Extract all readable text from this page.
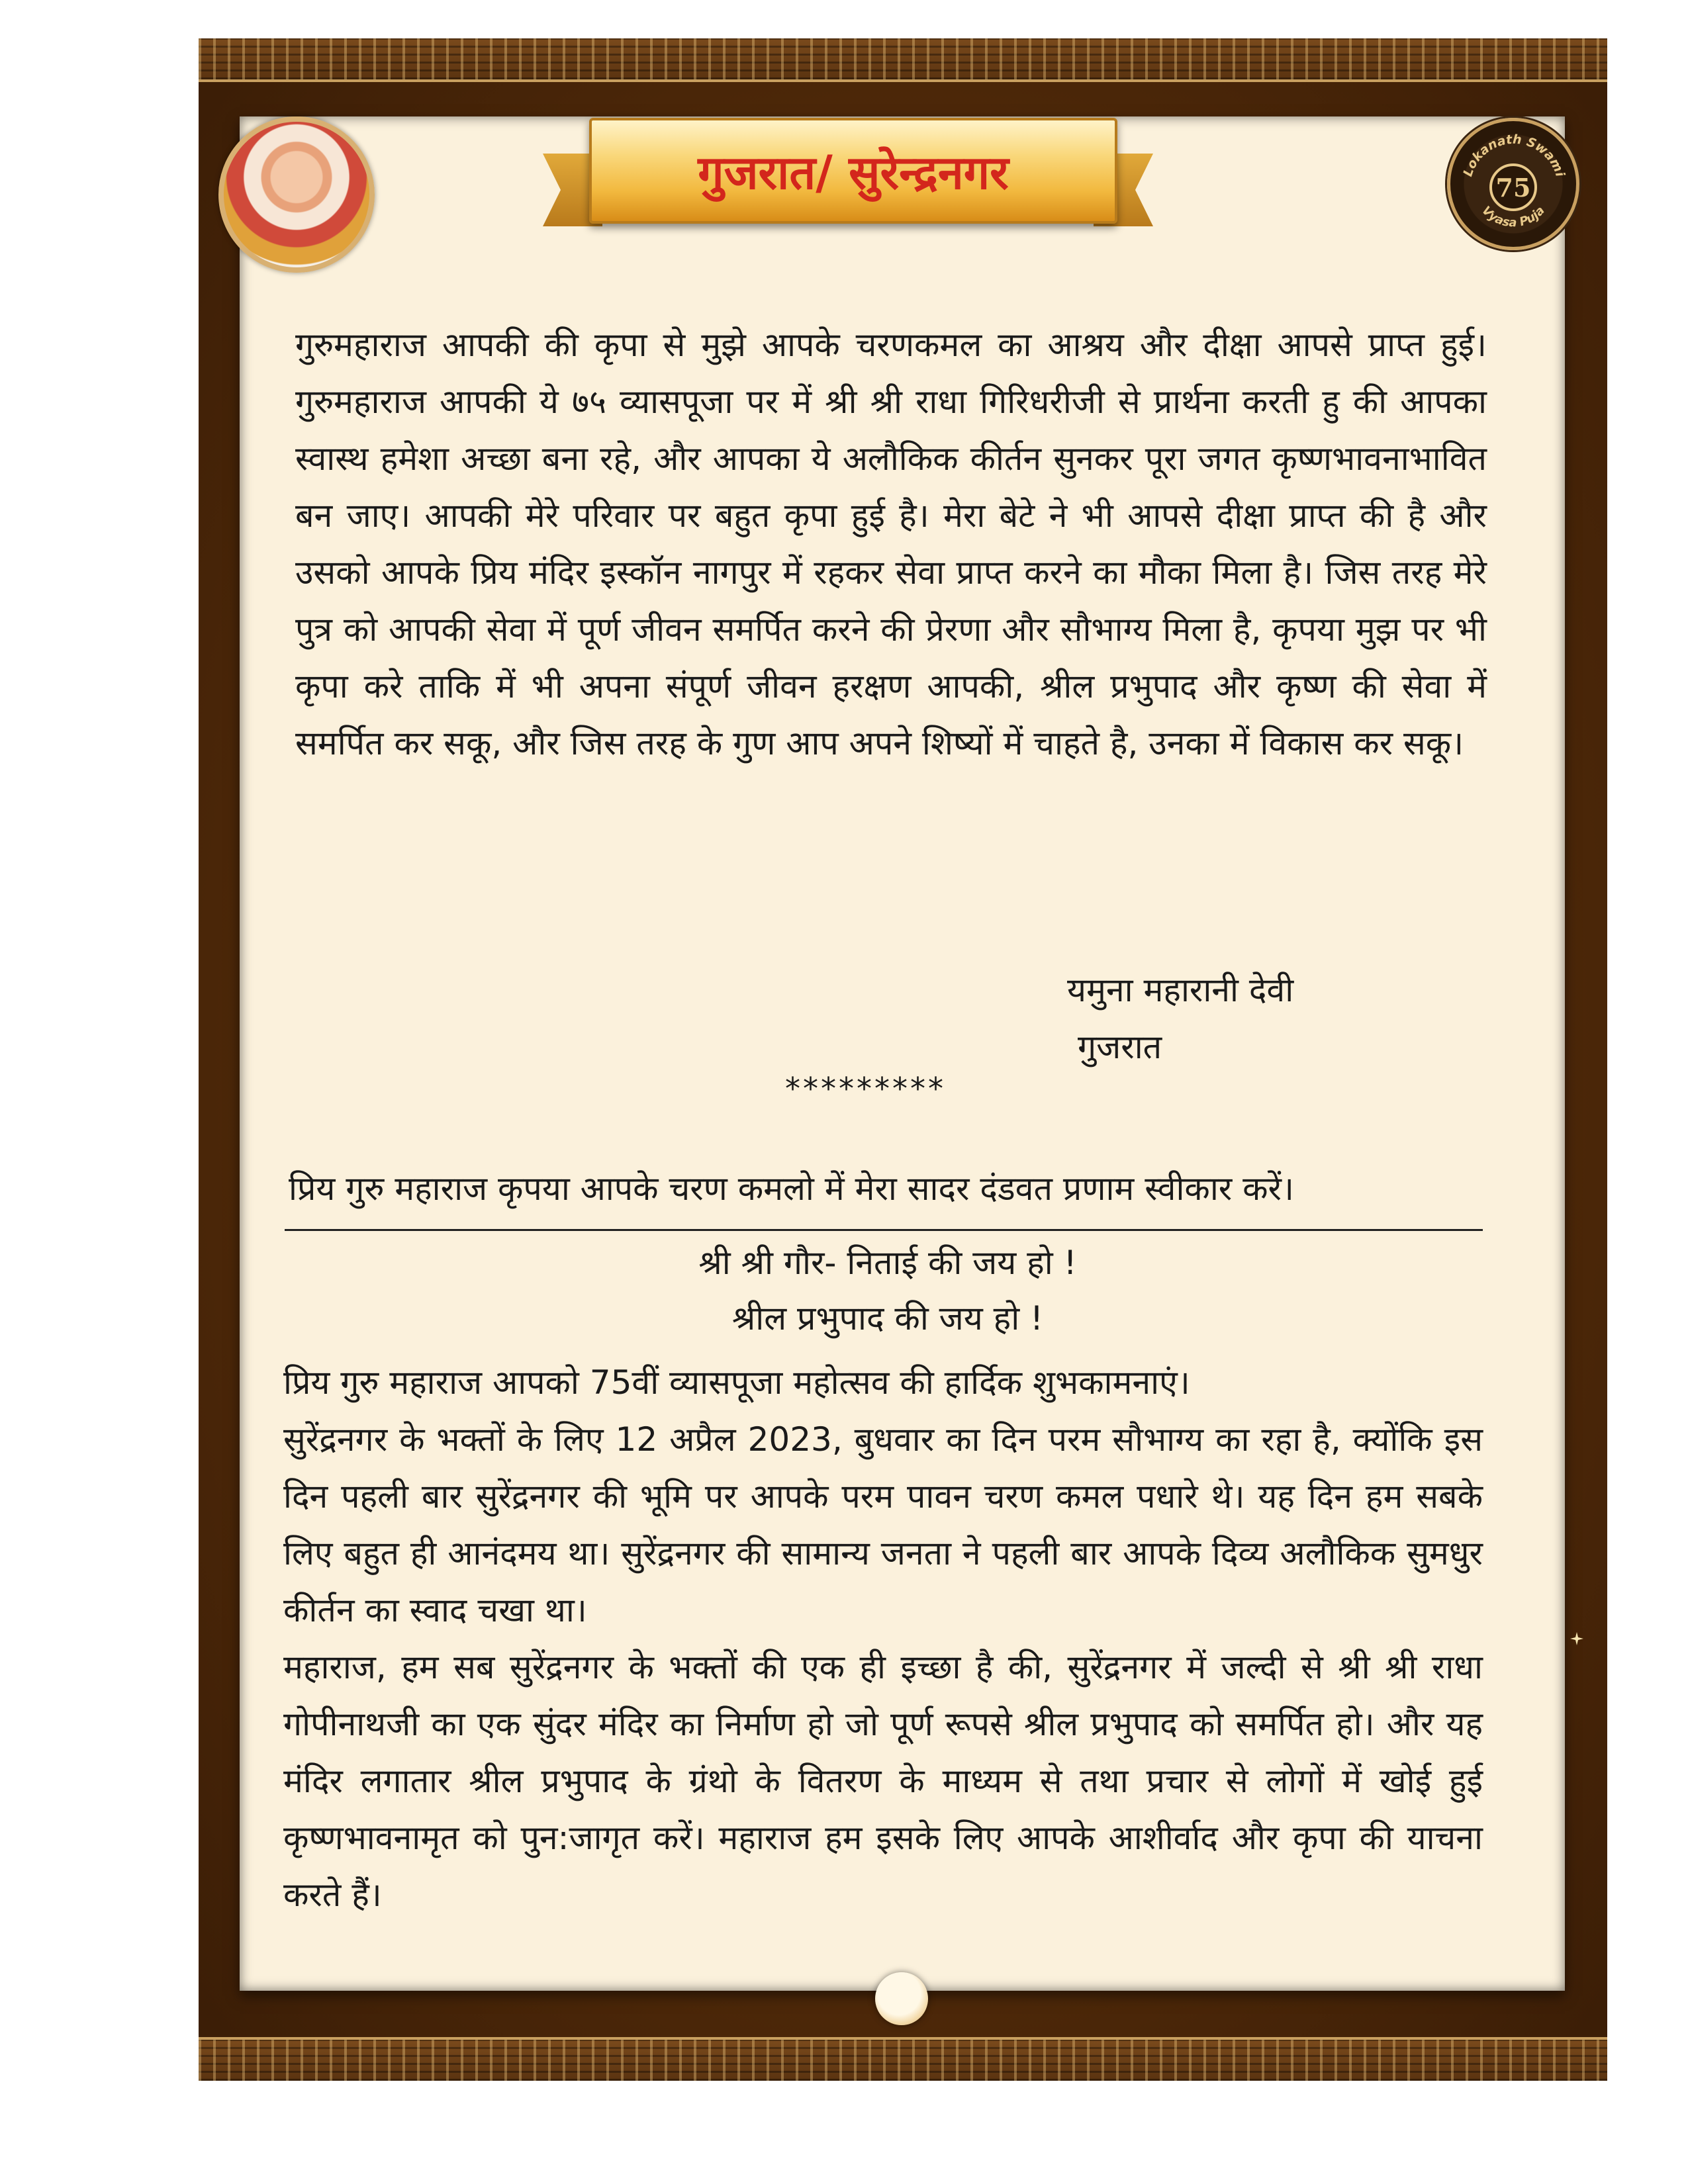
गुजरात/ सुरेन्द्रनगर	Lokanath Swami
75
Vyasa Puja
गुरुमहाराज आपकी की कृपा से मुझे आपके चरणकमल का आश्रय और दीक्षा आपसे प्राप्त हुई। गुरुमहाराज आपकी ये ७५ व्यासपूजा पर में श्री श्री राधा गिरिधरीजी से प्रार्थना करती हु की आपका स्वास्थ हमेशा अच्छा बना रहे, और आपका ये अलौकिक कीर्तन सुनकर पूरा जगत कृष्णभावनाभावित बन जाए। आपकी मेरे परिवार पर बहुत कृपा हुई है। मेरा बेटे ने भी आपसे दीक्षा प्राप्त की है और उसको आपके प्रिय मंदिर इस्कॉन नागपुर में रहकर सेवा प्राप्त करने का मौका मिला है। जिस तरह मेरे पुत्र को आपकी सेवा में पूर्ण जीवन समर्पित करने की प्रेरणा और सौभाग्य मिला है, कृपया मुझ पर भी कृपा करे ताकि में भी अपना संपूर्ण जीवन हरक्षण आपकी, श्रील प्रभुपाद और कृष्ण की सेवा में समर्पित कर सकू, और जिस तरह के गुण आप अपने शिष्यों में चाहते है, उनका में विकास कर सकू।
यमुना महारानी देवी
गुजरात
*********
प्रिय गुरु महाराज कृपया आपके चरण कमलो में मेरा सादर दंडवत प्रणाम स्वीकार करें।
श्री श्री गौर- निताई की जय हो !
श्रील प्रभुपाद की जय हो !

प्रिय गुरु महाराज आपको 75वीं व्यासपूजा महोत्सव की हार्दिक शुभकामनाएं।

सुरेंद्रनगर के भक्तों के लिए 12 अप्रैल 2023, बुधवार का दिन परम सौभाग्य का रहा है, क्योंकि इस दिन पहली बार सुरेंद्रनगर की भूमि पर आपके परम पावन चरण कमल पधारे थे। यह दिन हम सबके लिए बहुत ही आनंदमय था। सुरेंद्रनगर की सामान्य जनता ने पहली बार आपके दिव्य अलौकिक सुमधुर कीर्तन का स्वाद चखा था।

महाराज, हम सब सुरेंद्रनगर के भक्तों की एक ही इच्छा है की, सुरेंद्रनगर में जल्दी से श्री श्री राधा गोपीनाथजी का एक सुंदर मंदिर का निर्माण हो जो पूर्ण रूपसे श्रील प्रभुपाद को समर्पित हो। और यह मंदिर लगातार श्रील प्रभुपाद के ग्रंथो के वितरण के माध्यम से तथा प्रचार से लोगों में खोई हुई कृष्णभावनामृत को पुन:जागृत करें। महाराज हम इसके लिए आपके आशीर्वाद और कृपा की याचना करते हैं।
